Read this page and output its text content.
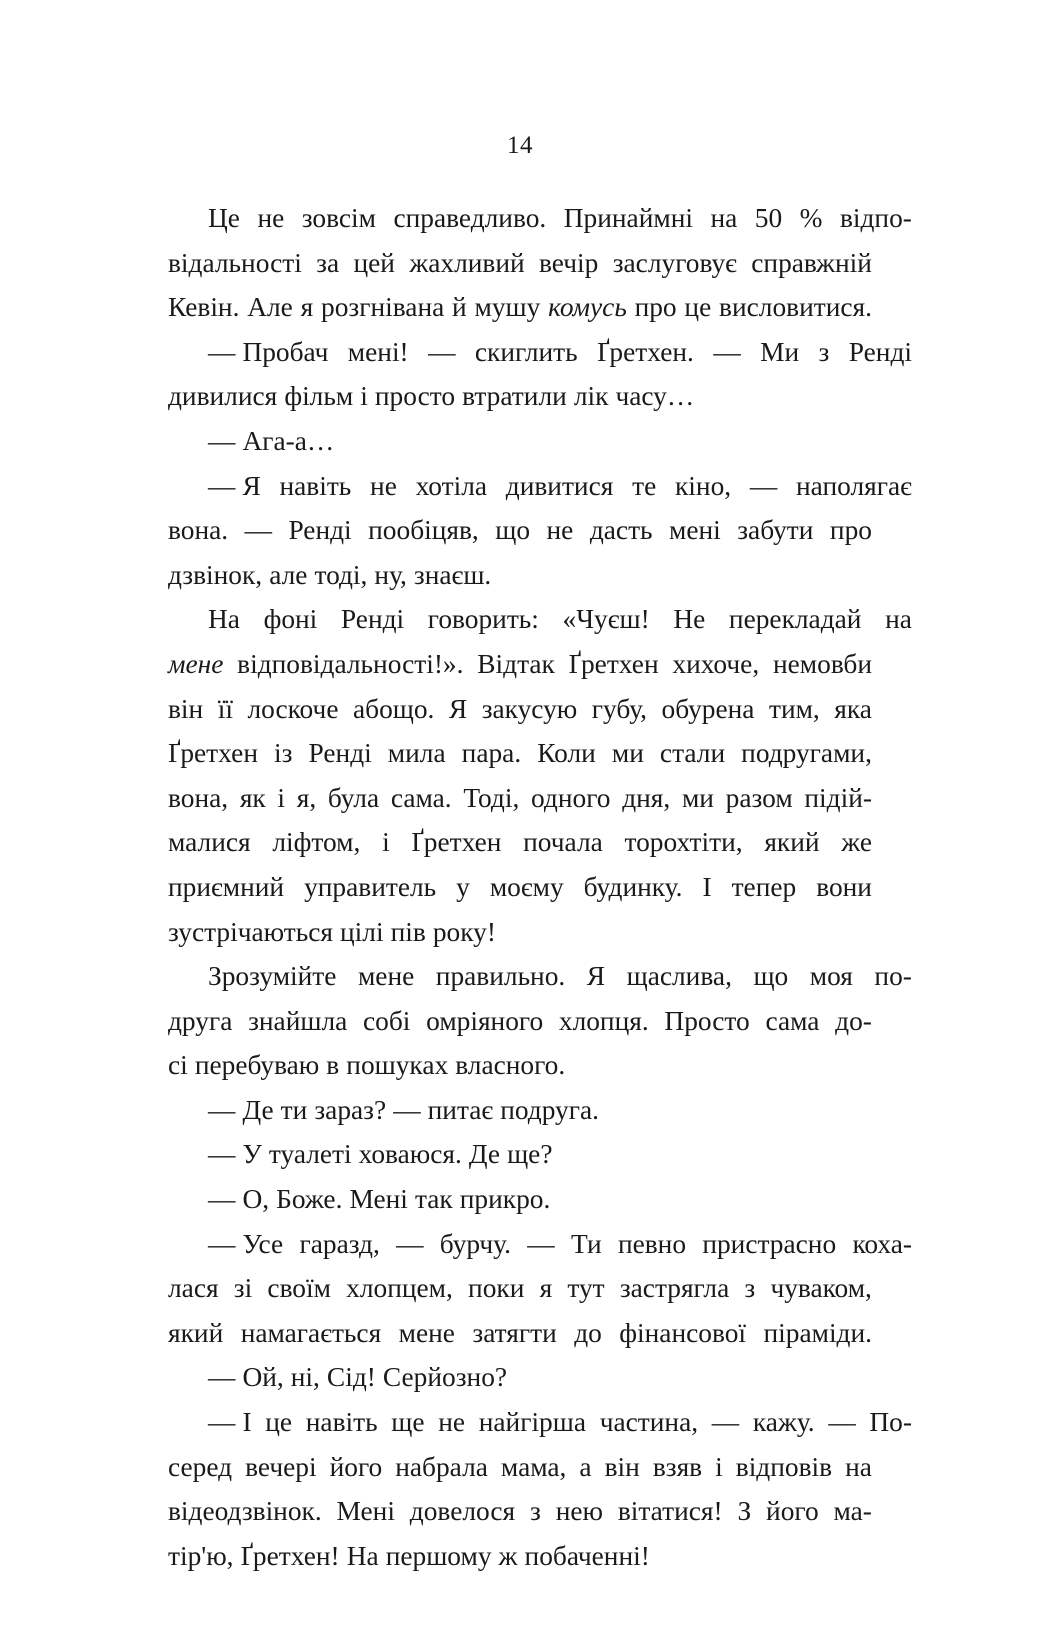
14

Це не зовсім справедливо. Принаймні на 50 % відпо-
відальності за цей жахливий вечір заслуговує справжній
Кевін. Але я розгнівана й мушу комусь про це висловитися.

— Пробач мені! — скиглить Ґретхен. — Ми з Ренді
дивилися фільм і просто втратили лік часу…

— Ага-а…

— Я навіть не хотіла дивитися те кіно, — наполягає
вона. — Ренді пообіцяв, що не дасть мені забути про
дзвінок, але тоді, ну, знаєш.

На фоні Ренді говорить: «Чуєш! Не перекладай на
мене відповідальності!». Відтак Ґретхен хихоче, немовби
він її лоскоче абощо. Я закусую губу, обурена тим, яка
Ґретхен із Ренді мила пара. Коли ми стали подругами,
вона, як і я, була сама. Тоді, одного дня, ми разом підій-
малися ліфтом, і Ґретхен почала торохтіти, який же
приємний управитель у моєму будинку. І тепер вони
зустрічаються цілі пів року!

Зрозумійте мене правильно. Я щаслива, що моя по-
друга знайшла собі омріяного хлопця. Просто сама до-
сі перебуваю в пошуках власного.

— Де ти зараз? — питає подруга.

— У туалеті ховаюся. Де ще?

— О, Боже. Мені так прикро.

— Усе гаразд, — бурчу. — Ти певно пристрасно коха-
лася зі своїм хлопцем, поки я тут застрягла з чуваком,
який намагається мене затягти до фінансової піраміди.

— Ой, ні, Сід! Серйозно?

— І це навіть ще не найгірша частина, — кажу. — По-
серед вечері його набрала мама, а він взяв і відповів на
відеодзвінок. Мені довелося з нею вітатися! З його ма-
тір'ю, Ґретхен! На першому ж побаченні!
